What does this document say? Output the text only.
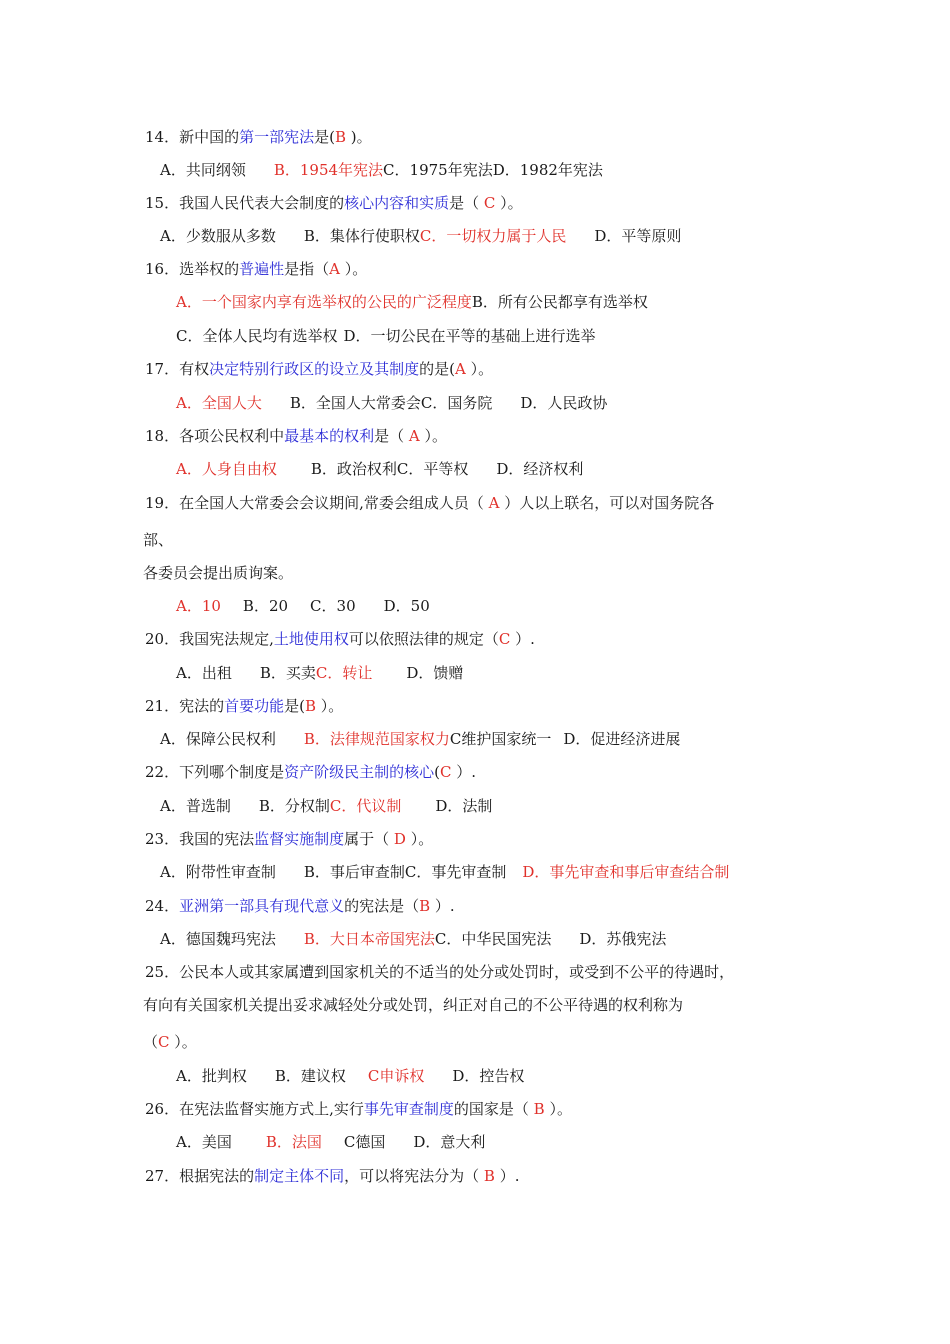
14．新中国的第一部宪法是(B )。
A．共同纲领 B．1954年宪法C．1975年宪法D．1982年宪法
15．我国人民代表大会制度的核心内容和实质是（ C ）。
A．少数服从多数 B．集体行使职权C．一切权力属于人民 D．平等原则
16．选举权的普遍性是指（A ）。
A．一个国家内享有选举权的公民的广泛程度B．所有公民都享有选举权
C．全体人民均有选举权 D．一切公民在平等的基础上进行选举
17．有权决定特别行政区的设立及其制度的是(A ）。
A．全国人大 B．全国人大常委会C．国务院 D．人民政协
18．各项公民权利中最基本的权利是（ A ）。
A．人身自由权 B．政治权利C．平等权 D．经济权利
19．在全国人大常委会会议期间,常委会组成人员（ A ）人以上联名，可以对国务院各
部、
各委员会提出质询案。
A．10 B．20 C．30 D．50
20．我国宪法规定,土地使用权可以依照法律的规定（C ）.
A．出租 B．买卖C．转让 D．馈赠
21．宪法的首要功能是(B ）。
A．保障公民权利 B．法律规范国家权力C维护国家统一 D．促进经济进展
22．下列哪个制度是资产阶级民主制的核心(C ）.
A．普选制 B．分权制C．代议制 D．法制
23．我国的宪法监督实施制度属于（ D ）。
A．附带性审查制 B．事后审查制C．事先审查制 D．事先审查和事后审查结合制
24．亚洲第一部具有现代意义的宪法是（B ）.
A．德国魏玛宪法 B．大日本帝国宪法C．中华民国宪法 D．苏俄宪法
25．公民本人或其家属遭到国家机关的不适当的处分或处罚时，或受到不公平的待遇时，
有向有关国家机关提出妥求减轻处分或处罚，纠正对自己的不公平待遇的权利称为
（C ）。
A．批判权 B．建议权 C申诉权 D．控告权
26．在宪法监督实施方式上,实行事先审查制度的国家是（ B ）。
A．美国 B．法国 C德国 D．意大利
27．根据宪法的制定主体不同，可以将宪法分为（ B ）.
